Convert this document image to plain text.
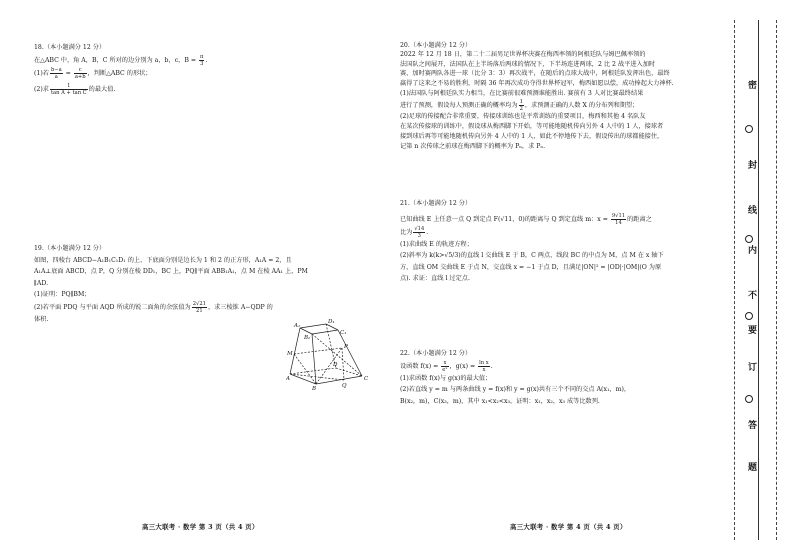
18.（本小题满分 12 分）

在△ABC 中，角 A，B，C 所对的边分别为 a，b，c，$B = \frac{\pi}{3}$ .

(1)若 $\frac{b-a}{a} = \frac{c}{a+b}$ ，判断△ABC 的形状；

(2)求 $\frac{1}{\text{tan A + tan C}}$ 的最大值.

19.（本小题满分 12 分）

如图，四棱台 ABCD−A₁B₁C₁D₁ 的上、下底面分别是边长为 1 和 2 的正方形，A₁A = 2，且

A₁A⊥底面 ABCD，点 P，Q 分别在棱 DD₁，BC 上，PQ∥平面 ABB₁A₁，点 M 在棱 AA₁ 上，PM

∥AD.

(1)证明：PQ∥BM；

(2)若平面 PDQ 与平面 AQD 所成的锐二面角的余弦值为 $\frac{2√21}{21}$ ，求三棱锥 A−QDP 的

体积.

A₁
D₁
B₁
C₁
M
P
A
D
B	Q
C
高三大联考 · 数学 第 3 页（共 4 页）

20.（本小题满分 12 分）

2022 年 12 月 18 日，第二十二届男足世界杯决赛在梅西率领的阿根廷队与姆巴佩率领的

法国队之间展开，法国队在上半场落后两球的情况下，下半场连进两球，2 比 2 战平进入加时

赛，加时赛两队各进一球（比分 3：3）再次战平，在随后的点球大战中，阿根廷队发挥出色，最终

赢得了这来之不易的胜利，时隔 36 年再次成功夺得世界杯冠军，梅西如愿以偿，成功捧起大力神杯.

(1)法国队与阿根廷队实力相当，在比赛前很难预测谁能胜出. 赛前有 3 人对比赛最终结果

进行了预测，假设每人预测正确的概率均为 $\frac{1}{2}$ ，求预测正确的人数 X 的分布列和期望；

(2)足球的传接配合非常重要，传接球训练也是平常训练的重要项目，梅西和其他 4 名队友

在某次传接球的训练中，假设球从梅西脚下开始，等可能地随机传向另外 4 人中的 1 人，接球者

接到球后再等可能地随机传向另外 4 人中的 1 人，如此不停地传下去，假设传出的球都能接住，

记第 n 次传球之前球在梅西脚下的概率为 Pₙ，求 Pₙ.

21.（本小题满分 12 分）

已知曲线 E 上任意一点 Q 到定点 F(√11，0)的距离与 Q 到定直线 m：$x = \frac{9√11}{14}$ 的距离之

比为 $\frac{√14}{3}$ .

(1)求曲线 E 的轨迹方程；

(2)斜率为 k(k>√5/3)的直线 l 交曲线 E 于 B，C 两点，线段 BC 的中点为 M，点 M 在 x 轴下

方，直线 OM 交曲线 E 于点 N，交直线 x = −1 于点 D，且满足|ON|² = |OD|·|OM|(O 为原

点). 求证：直线 l 过定点.

22.（本小题满分 12 分）

设函数 $f(x) = \frac{x}{\text{eˣ}}$ ，$g(x) = \frac{\text{ln x}}{x}$ .

(1)求函数 f(x)与 g(x)的最大值；

(2)若直线 y = m 与两条曲线 y = f(x)和 y = g(x)共有三个不同的交点 A(x₁，m)，

B(x₂，m)，C(x₃，m)，其中 x₁<x₂<x₃，证明：x₁，x₂，x₃ 成等比数列.

高三大联考 · 数学 第 4 页（共 4 页）
密
封
线
内
不
要
订
答
题
